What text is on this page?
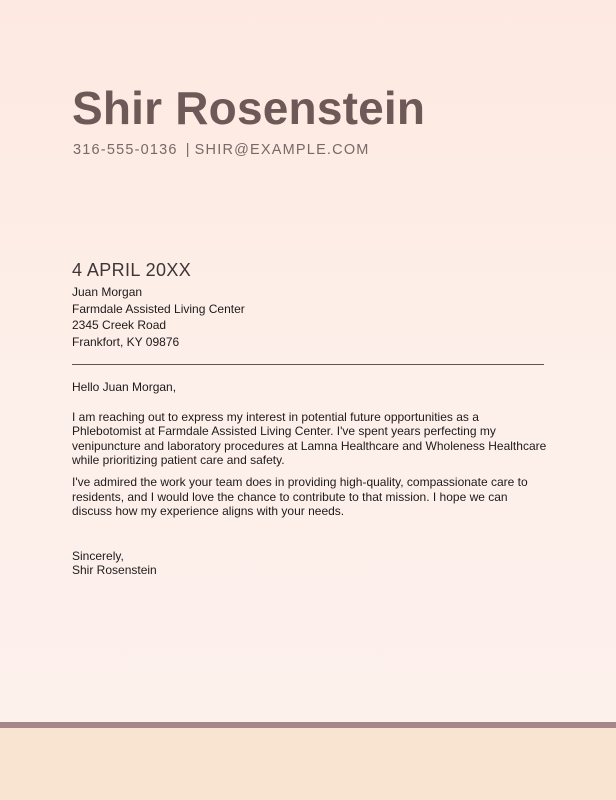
Shir Rosenstein
316-555-0136 | SHIR@EXAMPLE.COM
4 APRIL 20XX
Juan Morgan
Farmdale Assisted Living Center
2345 Creek Road
Frankfort, KY 09876

Hello Juan Morgan,

I am reaching out to express my interest in potential future opportunities as a Phlebotomist at Farmdale Assisted Living Center. I've spent years perfecting my venipuncture and laboratory procedures at Lamna Healthcare and Wholeness Healthcare while prioritizing patient care and safety.

I've admired the work your team does in providing high-quality, compassionate care to residents, and I would love the chance to contribute to that mission. I hope we can discuss how my experience aligns with your needs.

Sincerely,
Shir Rosenstein
